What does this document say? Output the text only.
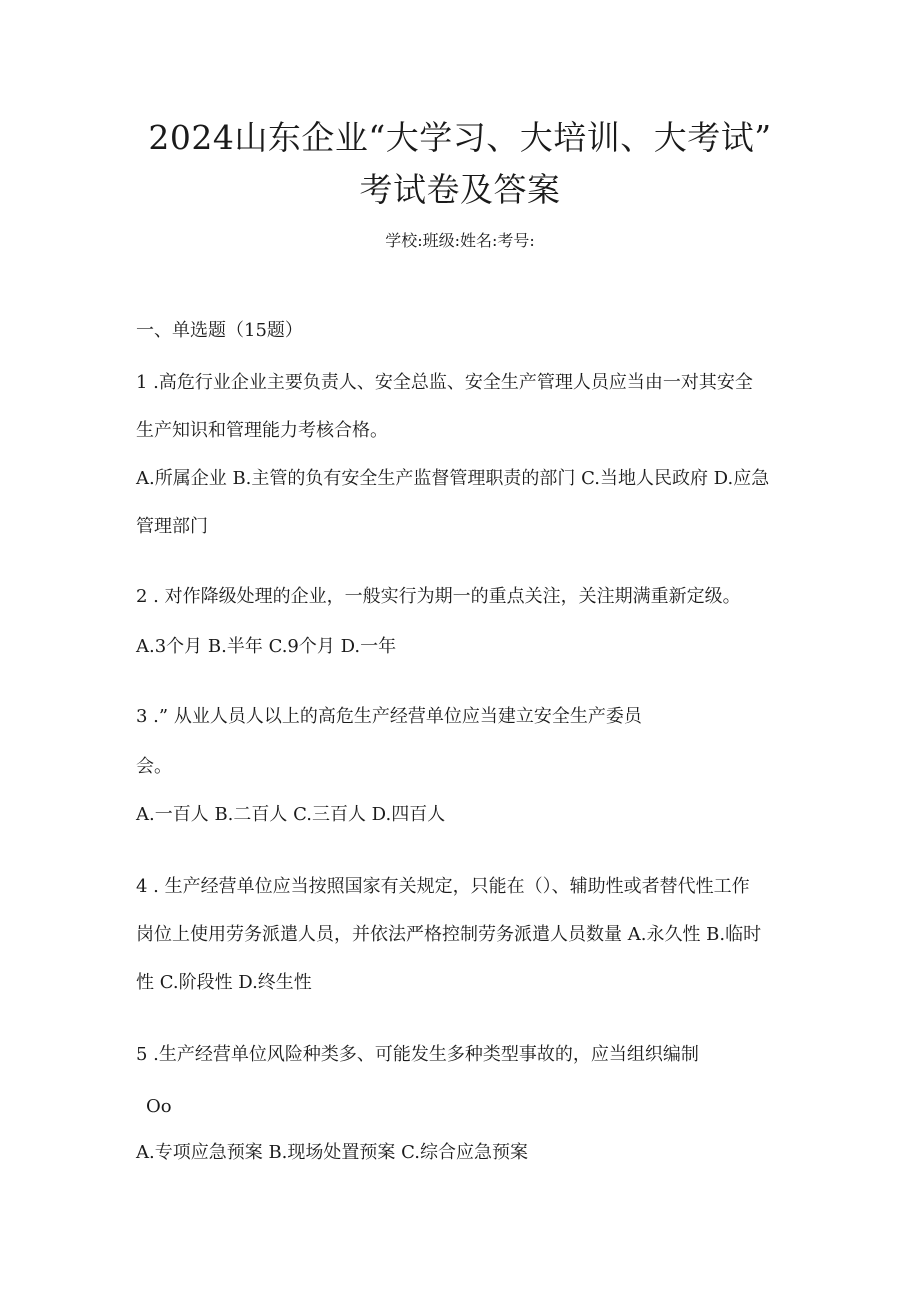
2024山东企业“大学习、大培训、大考试”
考试卷及答案
学校:班级:姓名:考号:
一、单选题（15题）
1 .高危行业企业主要负责人、安全总监、安全生产管理人员应当由一对其安全
生产知识和管理能力考核合格。
A.所属企业 B.主管的负有安全生产监督管理职责的部门 C.当地人民政府 D.应急
管理部门
2 . 对作降级处理的企业，一般实行为期一的重点关注，关注期满重新定级。
A.3个月 B.半年 C.9个月 D.一年
3 .” 从业人员人以上的高危生产经营单位应当建立安全生产委员
会。
A.一百人 B.二百人 C.三百人 D.四百人
4 . 生产经营单位应当按照国家有关规定，只能在（）、辅助性或者替代性工作
岗位上使用劳务派遣人员，并依法严格控制劳务派遣人员数量 A.永久性 B.临时
性 C.阶段性 D.终生性
5 .生产经营单位风险种类多、可能发生多种类型事故的，应当组织编制
Oo
A.专项应急预案 B.现场处置预案 C.综合应急预案
